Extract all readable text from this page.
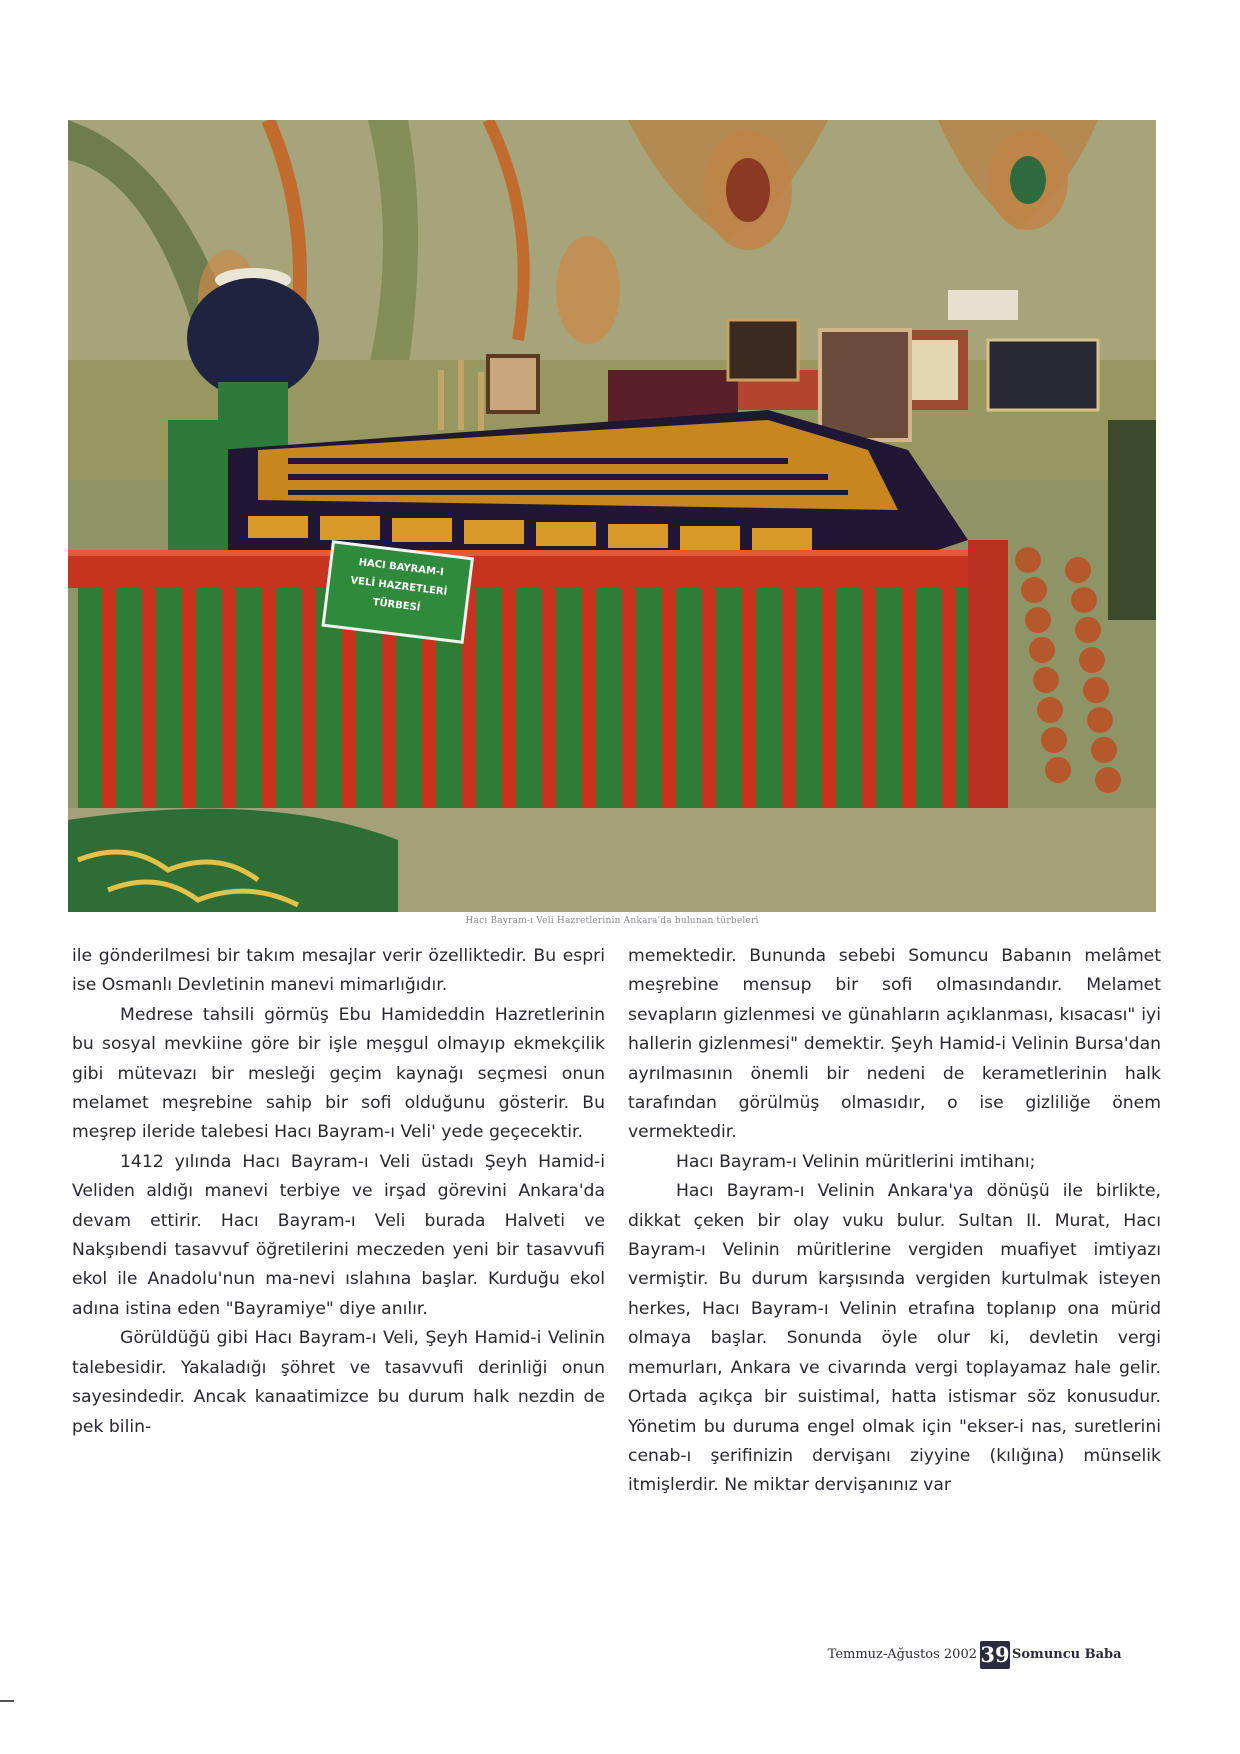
HACI BAYRAM-I
VELİ HAZRETLERİ
TÜRBESİ
Hacı Bayram-ı Veli Hazretlerinin Ankara'da bulunan türbeleri

ile gönderilmesi bir takım mesajlar verir özelliktedir. Bu espri ise Osmanlı Devletinin manevi mimarlığıdır.

Medrese tahsili görmüş Ebu Hamideddin Hazretlerinin bu sosyal mevkiine göre bir işle meşgul olmayıp ekmekçilik gibi mütevazı bir mesleği geçim kaynağı seçmesi onun melamet meşrebine sahip bir sofi olduğunu gösterir. Bu meşrep ileride talebesi Hacı Bayram-ı Veli' yede geçecektir.

1412 yılında Hacı Bayram-ı Veli üstadı Şeyh Hamid-i Veliden aldığı manevi terbiye ve irşad görevini Ankara'da devam ettirir. Hacı Bayram-ı Veli burada Halveti ve Nakşıbendi tasavvuf öğretilerini meczeden yeni bir tasavvufi ekol ile Anadolu'nun ma-nevi ıslahına başlar. Kurduğu ekol adına istina eden "Bayramiye" diye anılır.

Görüldüğü gibi Hacı Bayram-ı Veli, Şeyh Hamid-i Velinin talebesidir. Yakaladığı şöhret ve tasavvufi derinliği onun sayesindedir. Ancak kanaatimizce bu durum halk nezdin de pek bilin-

memektedir. Bununda sebebi Somuncu Babanın melâmet meşrebine mensup bir sofi olmasındandır. Melamet sevapların gizlenmesi ve günahların açıklanması, kısacası" iyi hallerin gizlenmesi" demektir. Şeyh Hamid-i Velinin Bursa'dan ayrılmasının önemli bir nedeni de kerametlerinin halk tarafından görülmüş olmasıdır, o ise gizliliğe önem vermektedir.

Hacı Bayram-ı Velinin müritlerini imtihanı;

Hacı Bayram-ı Velinin Ankara'ya dönüşü ile birlikte, dikkat çeken bir olay vuku bulur. Sultan II. Murat, Hacı Bayram-ı Velinin müritlerine vergiden muafiyet imtiyazı vermiştir. Bu durum karşısında vergiden kurtulmak isteyen herkes, Hacı Bayram-ı Velinin etrafına toplanıp ona mürid olmaya başlar. Sonunda öyle olur ki, devletin vergi memurları, Ankara ve civarında vergi toplayamaz hale gelir. Ortada açıkça bir suistimal, hatta istismar söz konusudur. Yönetim bu duruma engel olmak için "ekser-i nas, suretlerini cenab-ı şerifinizin dervişanı ziyyine (kılığına) münselik itmişlerdir. Ne miktar dervişanınız var

Temmuz-Ağustos 2002 39 Somuncu Baba
